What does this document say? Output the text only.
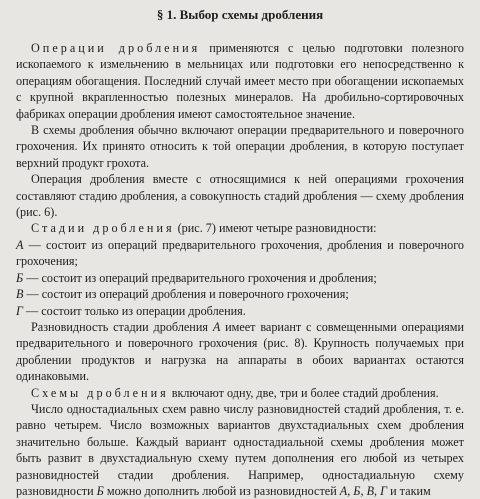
§ 1. Выбор схемы дробления

Операции дробления применяются с целью подготовки полезного ископаемого к измельчению в мельницах или подготовки его непосредственно к операциям обогащения. Последний случай имеет место при обогащении ископаемых с крупной вкрапленностью полезных минералов. На дробильно-сортировочных фабриках операции дробления имеют самостоятельное значение.

В схемы дробления обычно включают операции предварительного и поверочного грохочения. Их принято относить к той операции дробления, в которую поступает верхний продукт грохота.

Операция дробления вместе с относящимися к ней операциями грохочения составляют стадию дробления, а совокупность стадий дробления — схему дробления (рис. 6).

Стадии дробления (рис. 7) имеют четыре разновидности:

А — состоит из операций предварительного грохочения, дробления и поверочного грохочения;

Б — состоит из операций предварительного грохочения и дробления;

В — состоит из операций дробления и поверочного грохочения;

Г — состоит только из операции дробления.

Разновидность стадии дробления А имеет вариант с совмещенными операциями предварительного и поверочного грохочения (рис. 8). Крупность получаемых при дроблении продуктов и нагрузка на аппараты в обоих вариантах остаются одинаковыми.

Схемы дробления включают одну, две, три и более стадий дробления.

Число одностадиальных схем равно числу разновидностей стадий дробления, т. е. равно четырем. Число возможных вариантов двухстадиальных схем дробления значительно больше. Каждый вариант одностадиальной схемы дробления может быть развит в двухстадиальную схему путем дополнения его любой из четырех разновидностей стадии дробления. Например, одностадиальную схему разновидности Б можно дополнить любой из разновидностей А, Б, В, Г и таким
